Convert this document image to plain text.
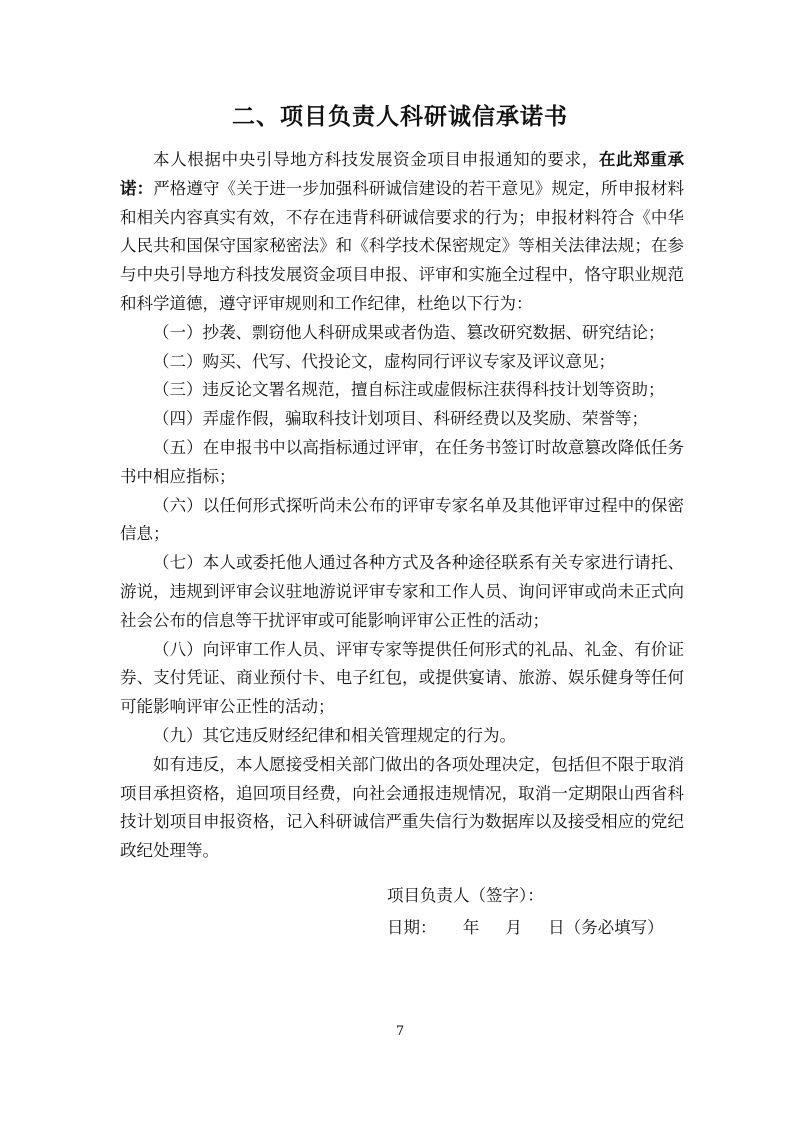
二、项目负责人科研诚信承诺书

本人根据中央引导地方科技发展资金项目申报通知的要求，在此郑重承诺：严格遵守《关于进一步加强科研诚信建设的若干意见》规定，所申报材料和相关内容真实有效，不存在违背科研诚信要求的行为；申报材料符合《中华人民共和国保守国家秘密法》和《科学技术保密规定》等相关法律法规；在参与中央引导地方科技发展资金项目申报、评审和实施全过程中，恪守职业规范和科学道德，遵守评审规则和工作纪律，杜绝以下行为：

（一）抄袭、剽窃他人科研成果或者伪造、篡改研究数据、研究结论；

（二）购买、代写、代投论文，虚构同行评议专家及评议意见；

（三）违反论文署名规范，擅自标注或虚假标注获得科技计划等资助；

（四）弄虚作假，骗取科技计划项目、科研经费以及奖励、荣誉等；

（五）在申报书中以高指标通过评审，在任务书签订时故意篡改降低任务书中相应指标；

（六）以任何形式探听尚未公布的评审专家名单及其他评审过程中的保密信息；

（七）本人或委托他人通过各种方式及各种途径联系有关专家进行请托、游说，违规到评审会议驻地游说评审专家和工作人员、询问评审或尚未正式向社会公布的信息等干扰评审或可能影响评审公正性的活动；

（八）向评审工作人员、评审专家等提供任何形式的礼品、礼金、有价证券、支付凭证、商业预付卡、电子红包，或提供宴请、旅游、娱乐健身等任何可能影响评审公正性的活动；

（九）其它违反财经纪律和相关管理规定的行为。

如有违反，本人愿接受相关部门做出的各项处理决定，包括但不限于取消项目承担资格，追回项目经费，向社会通报违规情况，取消一定期限山西省科技计划项目申报资格，记入科研诚信严重失信行为数据库以及接受相应的党纪政纪处理等。

项目负责人（签字）：
日期：     年     月     日（务必填写）
7
